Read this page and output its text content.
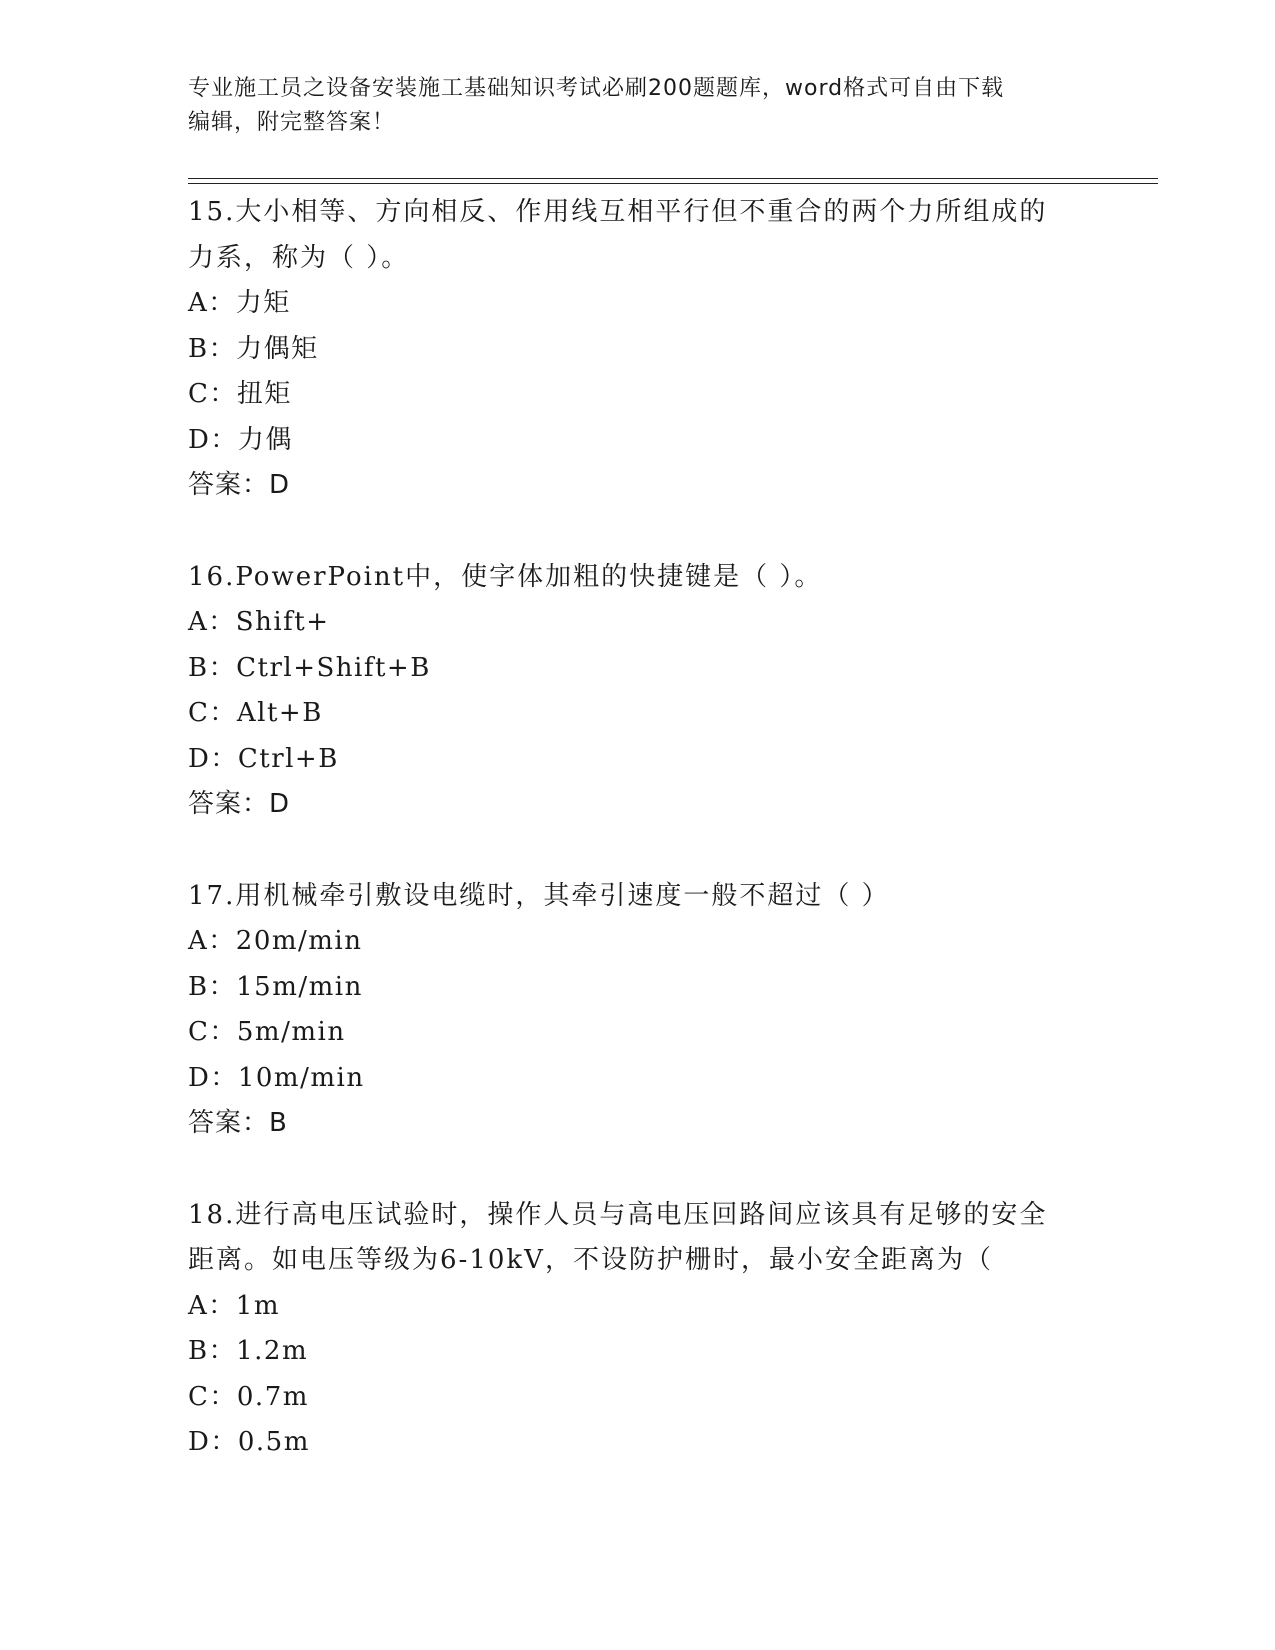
专业施工员之设备安装施工基础知识考试必刷200题题库，word格式可自由下载
编辑，附完整答案！

15.大小相等、方向相反、作用线互相平行但不重合的两个力所组成的

力系，称为（ ）。

A：力矩

B：力偶矩

C：扭矩

D：力偶

答案：D

16.PowerPoint中，使字体加粗的快捷键是（ ）。

A：Shift+

B：Ctrl+Shift+B

C：Alt+B

D：Ctrl+B

答案：D

17.用机械牵引敷设电缆时，其牵引速度一般不超过（ ）

A：20m/min

B：15m/min

C：5m/min

D：10m/min

答案：B

18.进行高电压试验时，操作人员与高电压回路间应该具有足够的安全

距离。如电压等级为6-10kV，不设防护栅时，最小安全距离为（

A：1m

B：1.2m

C：0.7m

D：0.5m
